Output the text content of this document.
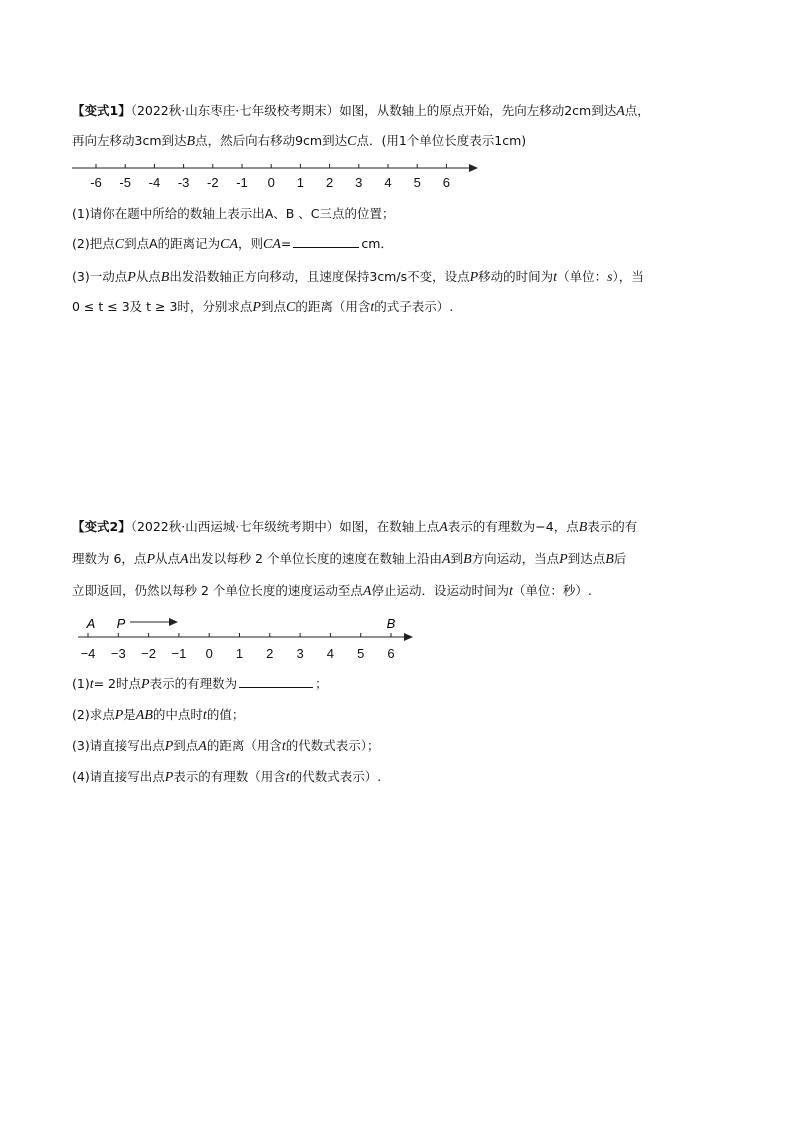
【变式1】（2022秋·山东枣庄·七年级校考期末）如图，从数轴上的原点开始，先向左移动2cm到达A点，
再向左移动3cm到达B点，然后向右移动9cm到达C点．(用1个单位长度表示1cm)
-6 -5 -4 -3 -2 -1 0 1 2 3 4 5 6
(1)请你在题中所给的数轴上表示出A、B 、C三点的位置；
(2)把点C到点A的距离记为CA，则CA=	cm．
(3)一动点P从点B出发沿数轴正方向移动，且速度保持3cm/s不变，设点P移动的时间为t（单位：s），当
0 ≤ t ≤ 3及 t ≥ 3时，分别求点P到点C的距离（用含t的式子表示）.
【变式2】（2022秋·山西运城·七年级统考期中）如图，在数轴上点A表示的有理数为−4，点B表示的有
理数为 6，点P从点A出发以每秒 2 个单位长度的速度在数轴上沿由A到B方向运动，当点P到达点B后
立即返回，仍然以每秒 2 个单位长度的速度运动至点A停止运动．设运动时间为t（单位：秒）.
A P	B
−4 −3 −2 −1 0 1 2 3 4 5 6
(1)t= 2时点P表示的有理数为	；
(2)求点P是AB的中点时t的值；
(3)请直接写出点P到点A的距离（用含t的代数式表示）；
(4)请直接写出点P表示的有理数（用含t的代数式表示）.
